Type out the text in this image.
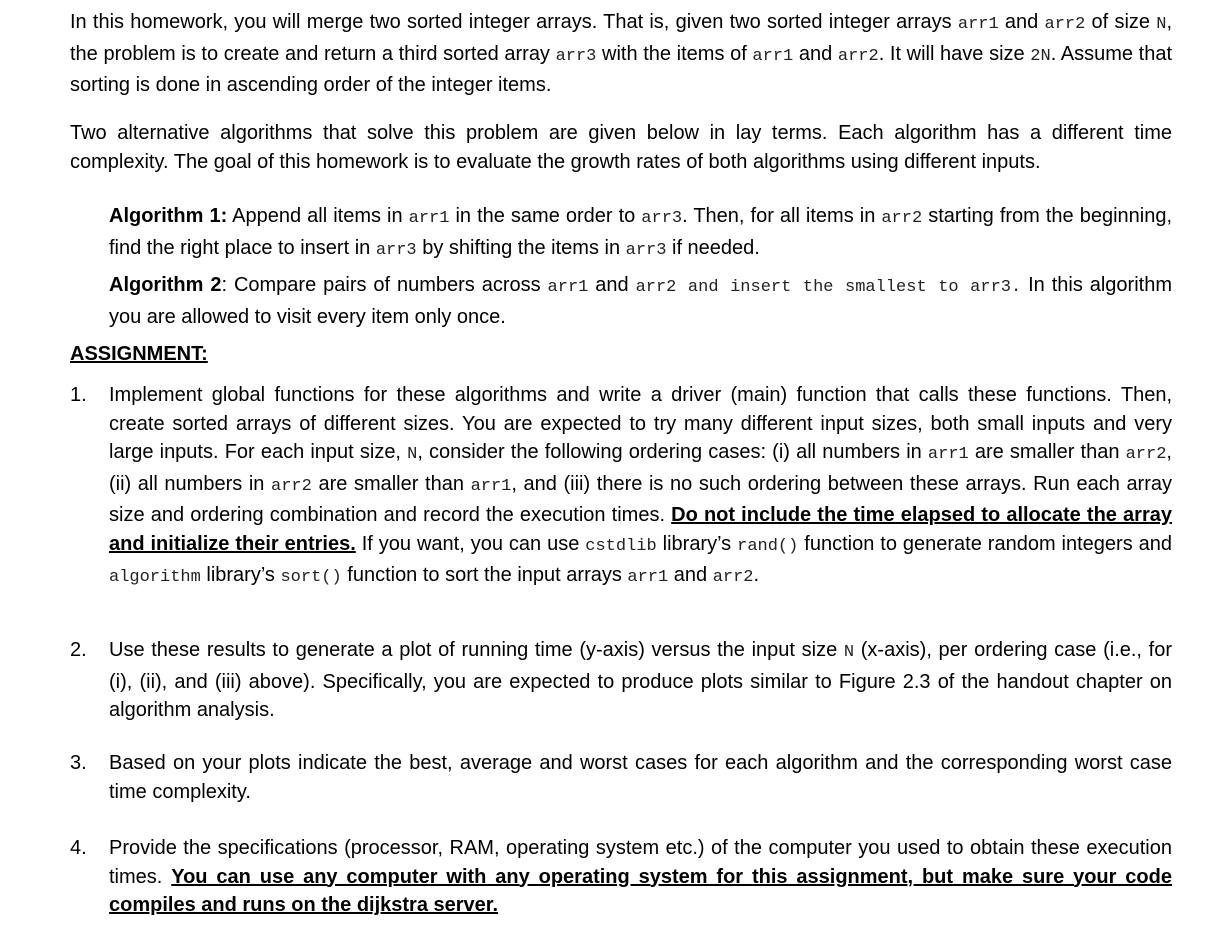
In this homework, you will merge two sorted integer arrays. That is, given two sorted integer arrays arr1 and arr2 of size N, the problem is to create and return a third sorted array arr3 with the items of arr1 and arr2. It will have size 2N. Assume that sorting is done in ascending order of the integer items.

Two alternative algorithms that solve this problem are given below in lay terms. Each algorithm has a different time complexity. The goal of this homework is to evaluate the growth rates of both algorithms using different inputs.

Algorithm 1: Append all items in arr1 in the same order to arr3. Then, for all items in arr2 starting from the beginning, find the right place to insert in arr3 by shifting the items in arr3 if needed.

Algorithm 2: Compare pairs of numbers across arr1 and arr2 and insert the smallest to arr3. In this algorithm you are allowed to visit every item only once.

ASSIGNMENT:
1.	Implement global functions for these algorithms and write a driver (main) function that calls these functions. Then, create sorted arrays of different sizes. You are expected to try many different input sizes, both small inputs and very large inputs. For each input size, N, consider the following ordering cases: (i) all numbers in arr1 are smaller than arr2, (ii) all numbers in arr2 are smaller than arr1, and (iii) there is no such ordering between these arrays. Run each array size and ordering combination and record the execution times. Do not include the time elapsed to allocate the array and initialize their entries. If you want, you can use cstdlib library’s rand() function to generate random integers and algorithm library’s sort() function to sort the input arrays arr1 and arr2.

2.	Use these results to generate a plot of running time (y-axis) versus the input size N (x-axis), per ordering case (i.e., for (i), (ii), and (iii) above). Specifically, you are expected to produce plots similar to Figure 2.3 of the handout chapter on algorithm analysis.

3.	Based on your plots indicate the best, average and worst cases for each algorithm and the corresponding worst case time complexity.

4.	Provide the specifications (processor, RAM, operating system etc.) of the computer you used to obtain these execution times. You can use any computer with any operating system for this assignment, but make sure your code compiles and runs on the dijkstra server.
